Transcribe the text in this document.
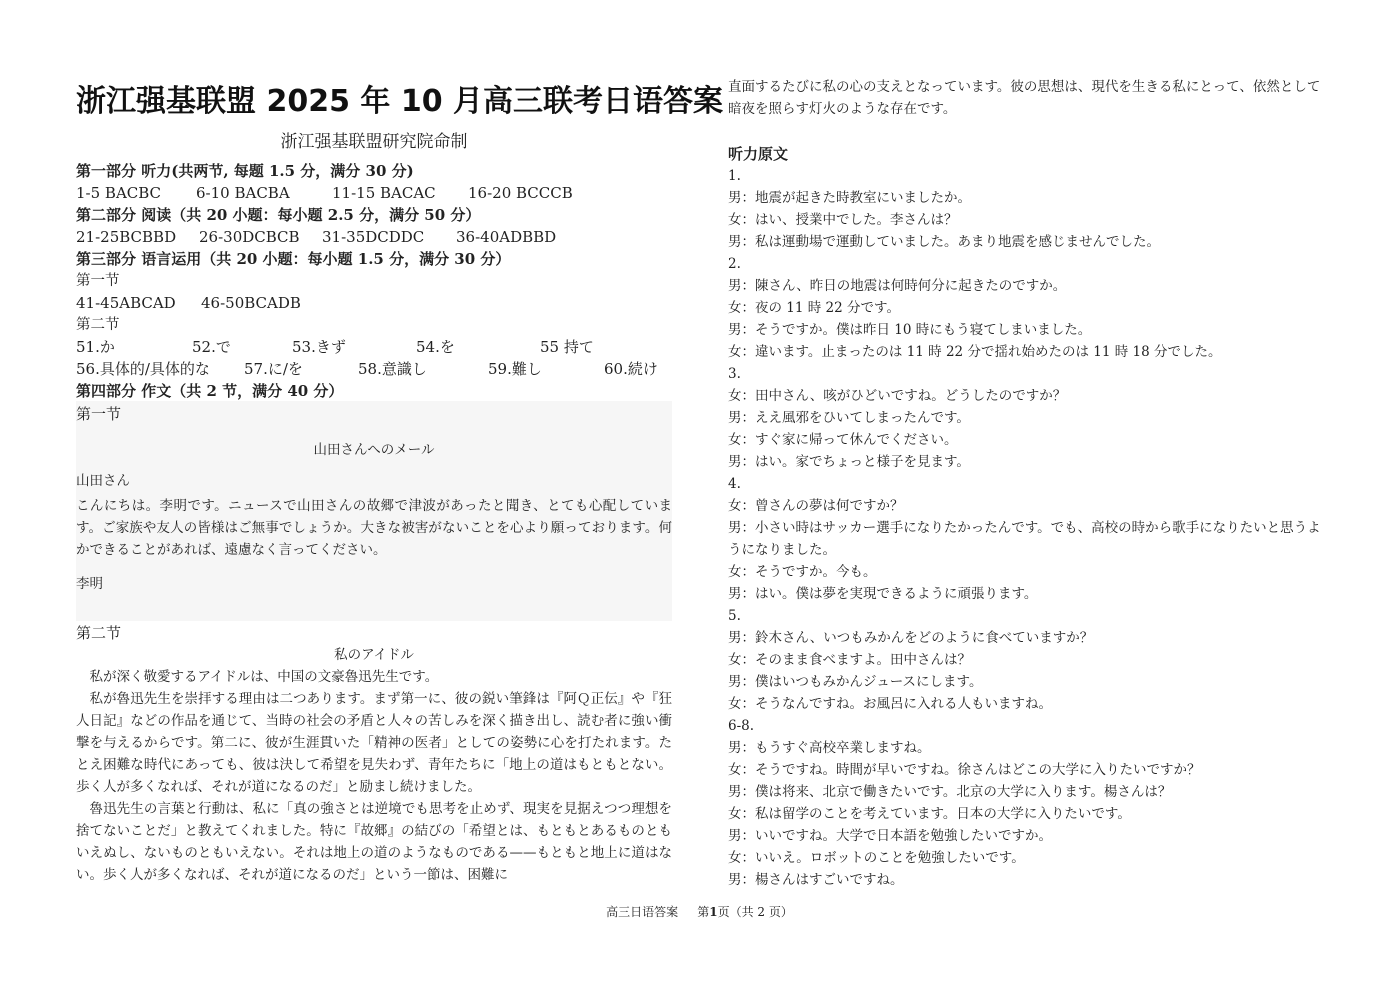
浙江强基联盟 2025 年 10 月高三联考日语答案
浙江强基联盟研究院命制
第一部分 听力(共两节, 每题 1.5 分，满分 30 分)
1-5 BACBC 6-10 BACBA	11-15 BACAC 16-20 BCCCB
第二部分 阅读（共 20 小题：每小题 2.5 分，满分 50 分）
21-25BCBBD 26-30DCBCB 31-35DCDDC 36-40ADBBD
第三部分 语言运用（共 20 小题：每小题 1.5 分，满分 30 分）
第一节
41-45ABCAD 46-50BCADB
第二节
51.か	52.で	53.きず	54.を	55 持て
56.具体的/具体的な 57.に/を	58.意識し	59.難し	60.続け
第四部分 作文（共 2 节，满分 40 分）
第一节
山田さんへのメール
山田さん
こんにちは。李明です。ニュースで山田さんの故郷で津波があったと聞き、とても心配しています。ご家族や友人の皆様はご無事でしょうか。大きな被害がないことを心より願っております。何かできることがあれば、遠慮なく言ってください。
李明
第二节
私のアイドル

私が深く敬愛するアイドルは、中国の文豪魯迅先生です。

私が魯迅先生を崇拝する理由は二つあります。まず第一に、彼の鋭い筆鋒は『阿Ｑ正伝』や『狂人日記』などの作品を通じて、当時の社会の矛盾と人々の苦しみを深く描き出し、読む者に強い衝撃を与えるからです。第二に、彼が生涯貫いた「精神の医者」としての姿勢に心を打たれます。たとえ困難な時代にあっても、彼は決して希望を見失わず、青年たちに「地上の道はもともとない。歩く人が多くなれば、それが道になるのだ」と励まし続けました。

魯迅先生の言葉と行動は、私に「真の強さとは逆境でも思考を止めず、現実を見据えつつ理想を捨てないことだ」と教えてくれました。特に『故郷』の結びの「希望とは、もともとあるものともいえぬし、ないものともいえない。それは地上の道のようなものである——もともと地上に道はない。歩く人が多くなれば、それが道になるのだ」という一節は、困難に

直面するたびに私の心の支えとなっています。彼の思想は、現代を生きる私にとって、依然として暗夜を照らす灯火のような存在です。
听力原文
1.
男：地震が起きた時教室にいましたか。
女：はい、授業中でした。李さんは？
男：私は運動場で運動していました。あまり地震を感じませんでした。
2.
男：陳さん、昨日の地震は何時何分に起きたのですか。
女：夜の 11 時 22 分です。
男：そうですか。僕は昨日 10 時にもう寝てしまいました。
女：違います。止まったのは 11 時 22 分で揺れ始めたのは 11 時 18 分でした。
3.
女：田中さん、咳がひどいですね。どうしたのですか？
男：ええ風邪をひいてしまったんです。
女：すぐ家に帰って休んでください。
男：はい。家でちょっと様子を見ます。
4.
女：曾さんの夢は何ですか？
男：小さい時はサッカー選手になりたかったんです。でも、高校の時から歌手になりたいと思うようになりました。
女：そうですか。今も。
男：はい。僕は夢を実現できるように頑張ります。
5.
男：鈴木さん、いつもみかんをどのように食べていますか？
女：そのまま食べますよ。田中さんは？
男：僕はいつもみかんジュースにします。
女：そうなんですね。お風呂に入れる人もいますね。
6-8.
男：もうすぐ高校卒業しますね。
女：そうですね。時間が早いですね。徐さんはどこの大学に入りたいですか？
男：僕は将来、北京で働きたいです。北京の大学に入ります。楊さんは？
女：私は留学のことを考えています。日本の大学に入りたいです。
男：いいですね。大学で日本語を勉強したいですか。
女：いいえ。ロボットのことを勉強したいです。
男：楊さんはすごいですね。
高三日语答案 第1页（共 2 页）
